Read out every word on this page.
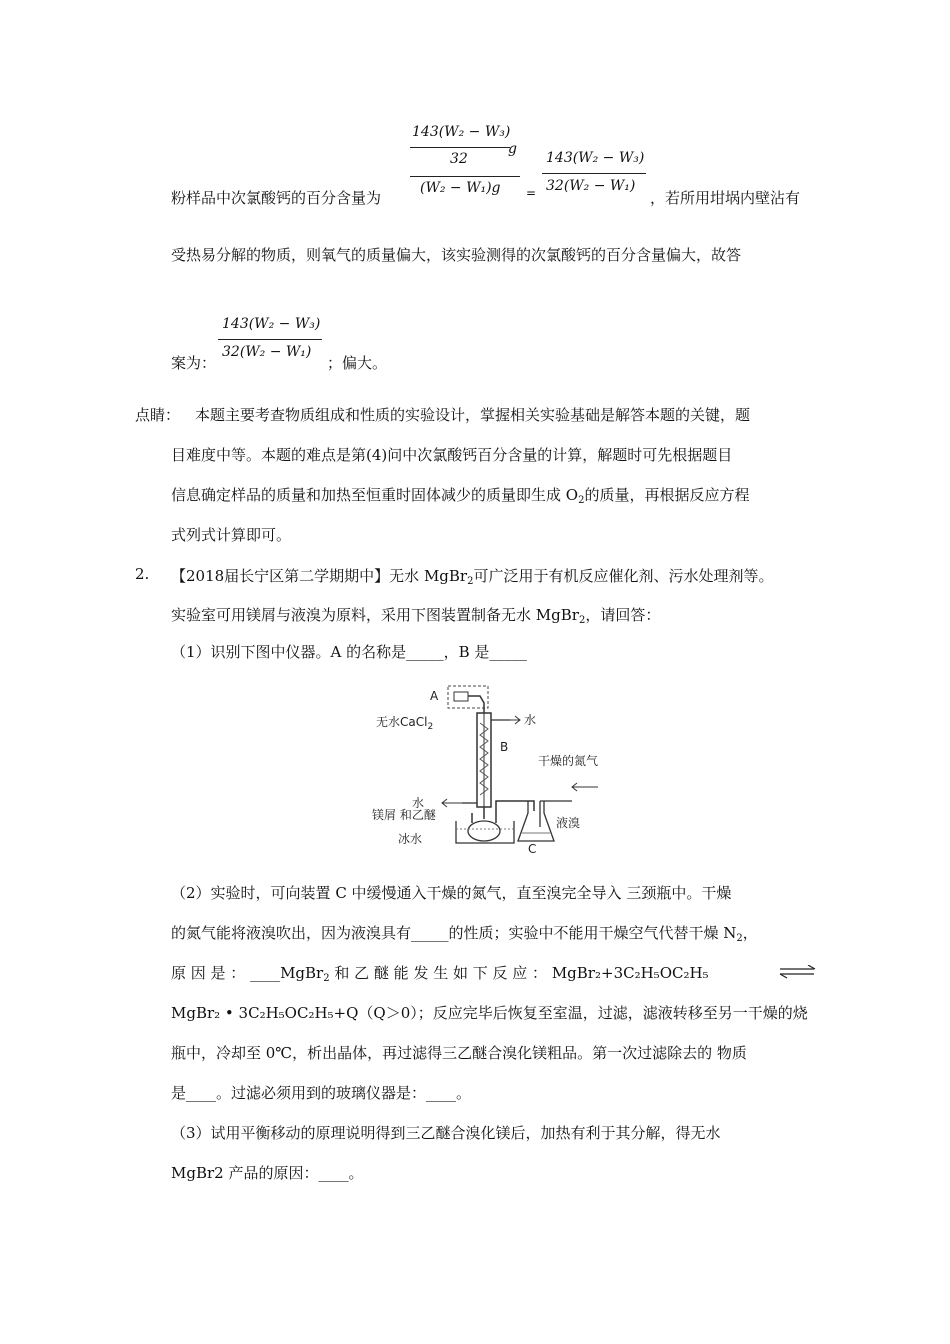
143(W₂ − W₃)
32
g
(W₂ − W₁)g =
143(W₂ − W₃)
32(W₂ − W₁)
粉样品中次氯酸钙的百分含量为	，若所用坩埚内壁沾有
受热易分解的物质，则氧气的质量偏大，该实验测得的次氯酸钙的百分含量偏大，故答
143(W₂ − W₃)
32(W₂ − W₁)
案为：	；偏大。
点睛： 本题主要考查物质组成和性质的实验设计，掌握相关实验基础是解答本题的关键，题
目难度中等。本题的难点是第(4)问中次氯酸钙百分含量的计算，解题时可先根据题目
信息确定样品的质量和加热至恒重时固体减少的质量即生成 $O_2$的质量，再根据反应方程
式列式计算即可。
2. 【2018届长宁区第二学期期中】无水 MgBr$_2$可广泛用于有机反应催化剂、污水处理剂等。
实验室可用镁屑与液溴为原料，采用下图装置制备无水 MgBr$_2$，请回答：
（1）识别下图中仪器。A 的名称是_____，B 是_____
A
无水CaCl$_2$	水
B
干燥的氮气
水
镁屑 和乙醚
液溴
冰水
C
（2）实验时，可向装置 C 中缓慢通入干燥的氮气，直至溴完全导入 三颈瓶中。干燥
的氮气能将液溴吹出，因为液溴具有_____的性质；实验中不能用干燥空气代替干燥 $N_2$，
原 因 是 ： ____MgBr$_2$ 和 乙 醚 能 发 生 如 下 反 应 ： MgBr₂+3C₂H₅OC₂H₅
MgBr₂ • 3C₂H₅OC₂H₅+Q（Q＞0）；反应完毕后恢复至室温，过滤，滤液转移至另一干燥的烧
瓶中，冷却至 0℃，析出晶体，再过滤得三乙醚合溴化镁粗品。第一次过滤除去的 物质
是____。过滤必须用到的玻璃仪器是：____。
（3）试用平衡移动的原理说明得到三乙醚合溴化镁后，加热有利于其分解，得无水
MgBr2 产品的原因：____。
